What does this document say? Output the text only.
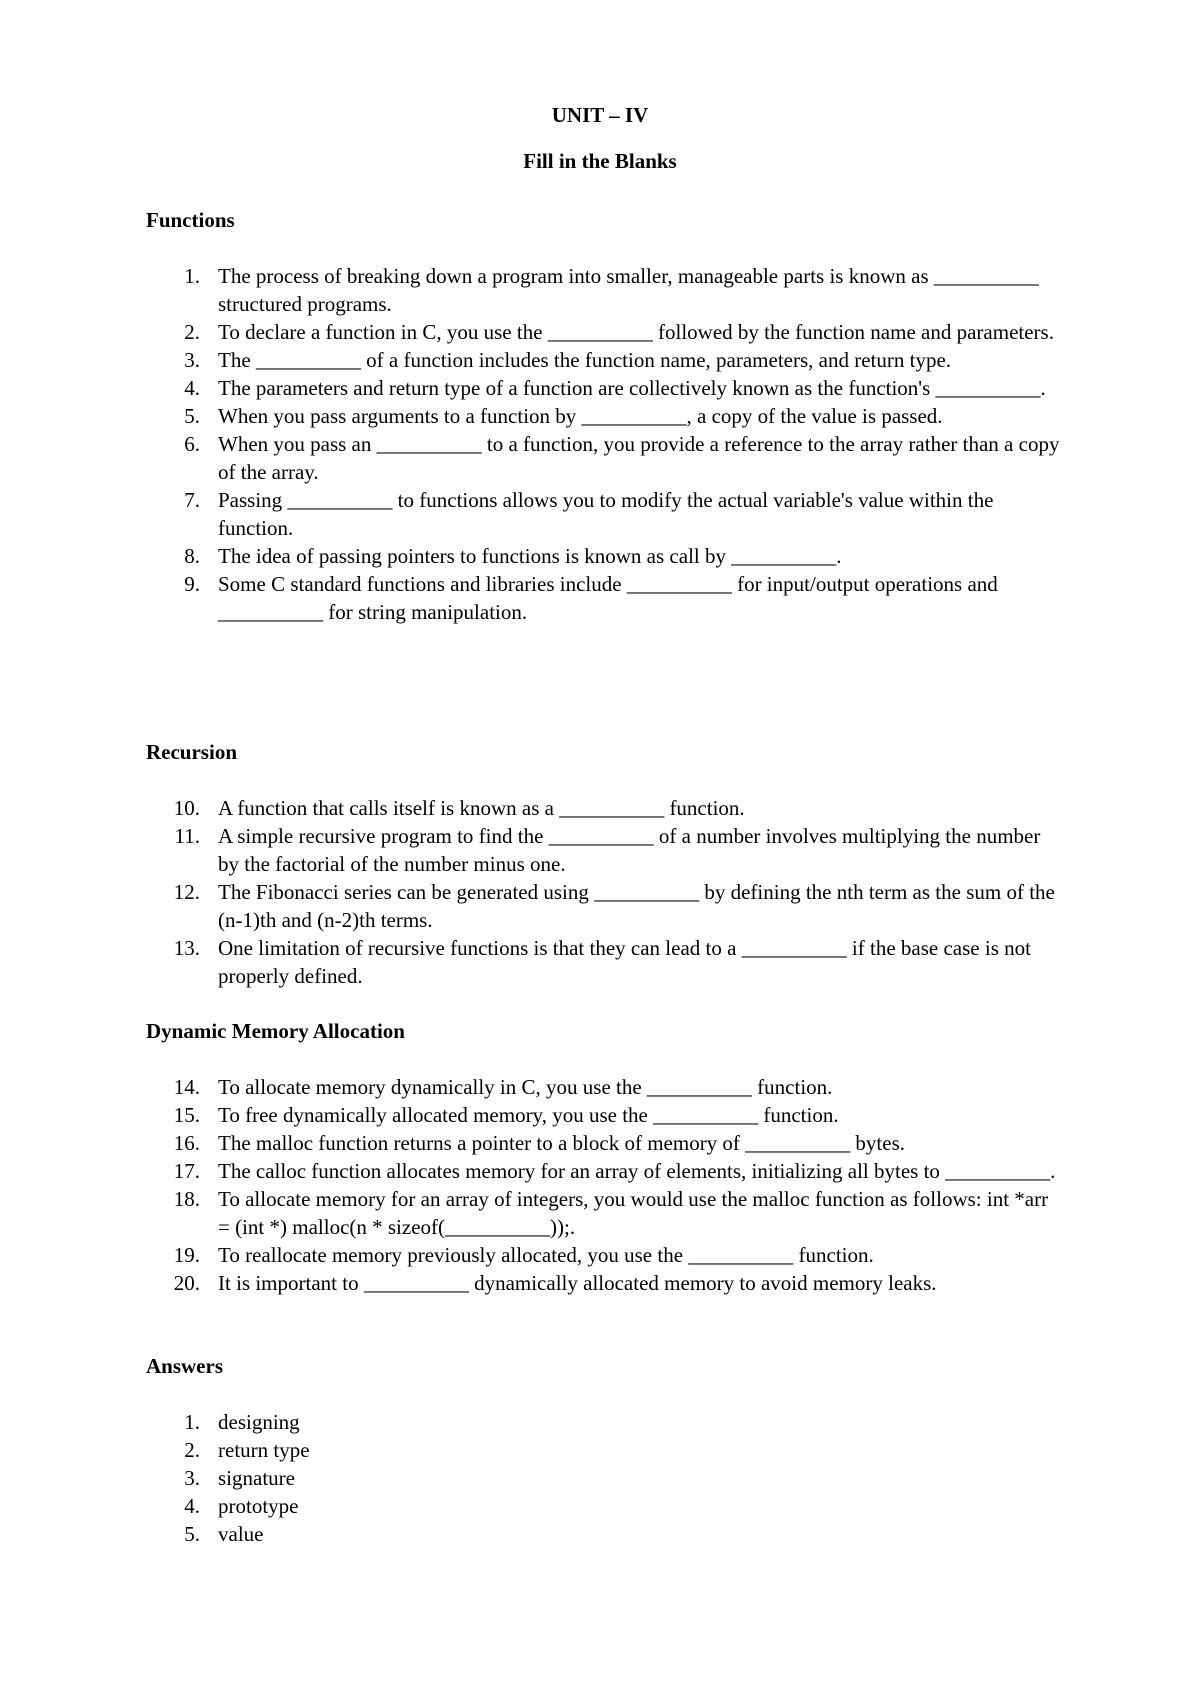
UNIT – IV
Fill in the Blanks
Functions
1. The process of breaking down a program into smaller, manageable parts is known as __________ structured programs.
2. To declare a function in C, you use the __________ followed by the function name and parameters.
3. The __________ of a function includes the function name, parameters, and return type.
4. The parameters and return type of a function are collectively known as the function's __________.
5. When you pass arguments to a function by __________, a copy of the value is passed.
6. When you pass an __________ to a function, you provide a reference to the array rather than a copy of the array.
7. Passing __________ to functions allows you to modify the actual variable's value within the function.
8. The idea of passing pointers to functions is known as call by __________.
9. Some C standard functions and libraries include __________ for input/output operations and __________ for string manipulation.
Recursion
10. A function that calls itself is known as a __________ function.
11. A simple recursive program to find the __________ of a number involves multiplying the number by the factorial of the number minus one.
12. The Fibonacci series can be generated using __________ by defining the nth term as the sum of the (n-1)th and (n-2)th terms.
13. One limitation of recursive functions is that they can lead to a __________ if the base case is not properly defined.
Dynamic Memory Allocation
14. To allocate memory dynamically in C, you use the __________ function.
15. To free dynamically allocated memory, you use the __________ function.
16. The malloc function returns a pointer to a block of memory of __________ bytes.
17. The calloc function allocates memory for an array of elements, initializing all bytes to __________.
18. To allocate memory for an array of integers, you would use the malloc function as follows: int *arr = (int *) malloc(n * sizeof(__________));.
19. To reallocate memory previously allocated, you use the __________ function.
20. It is important to __________ dynamically allocated memory to avoid memory leaks.
Answers
1. designing
2. return type
3. signature
4. prototype
5. value
